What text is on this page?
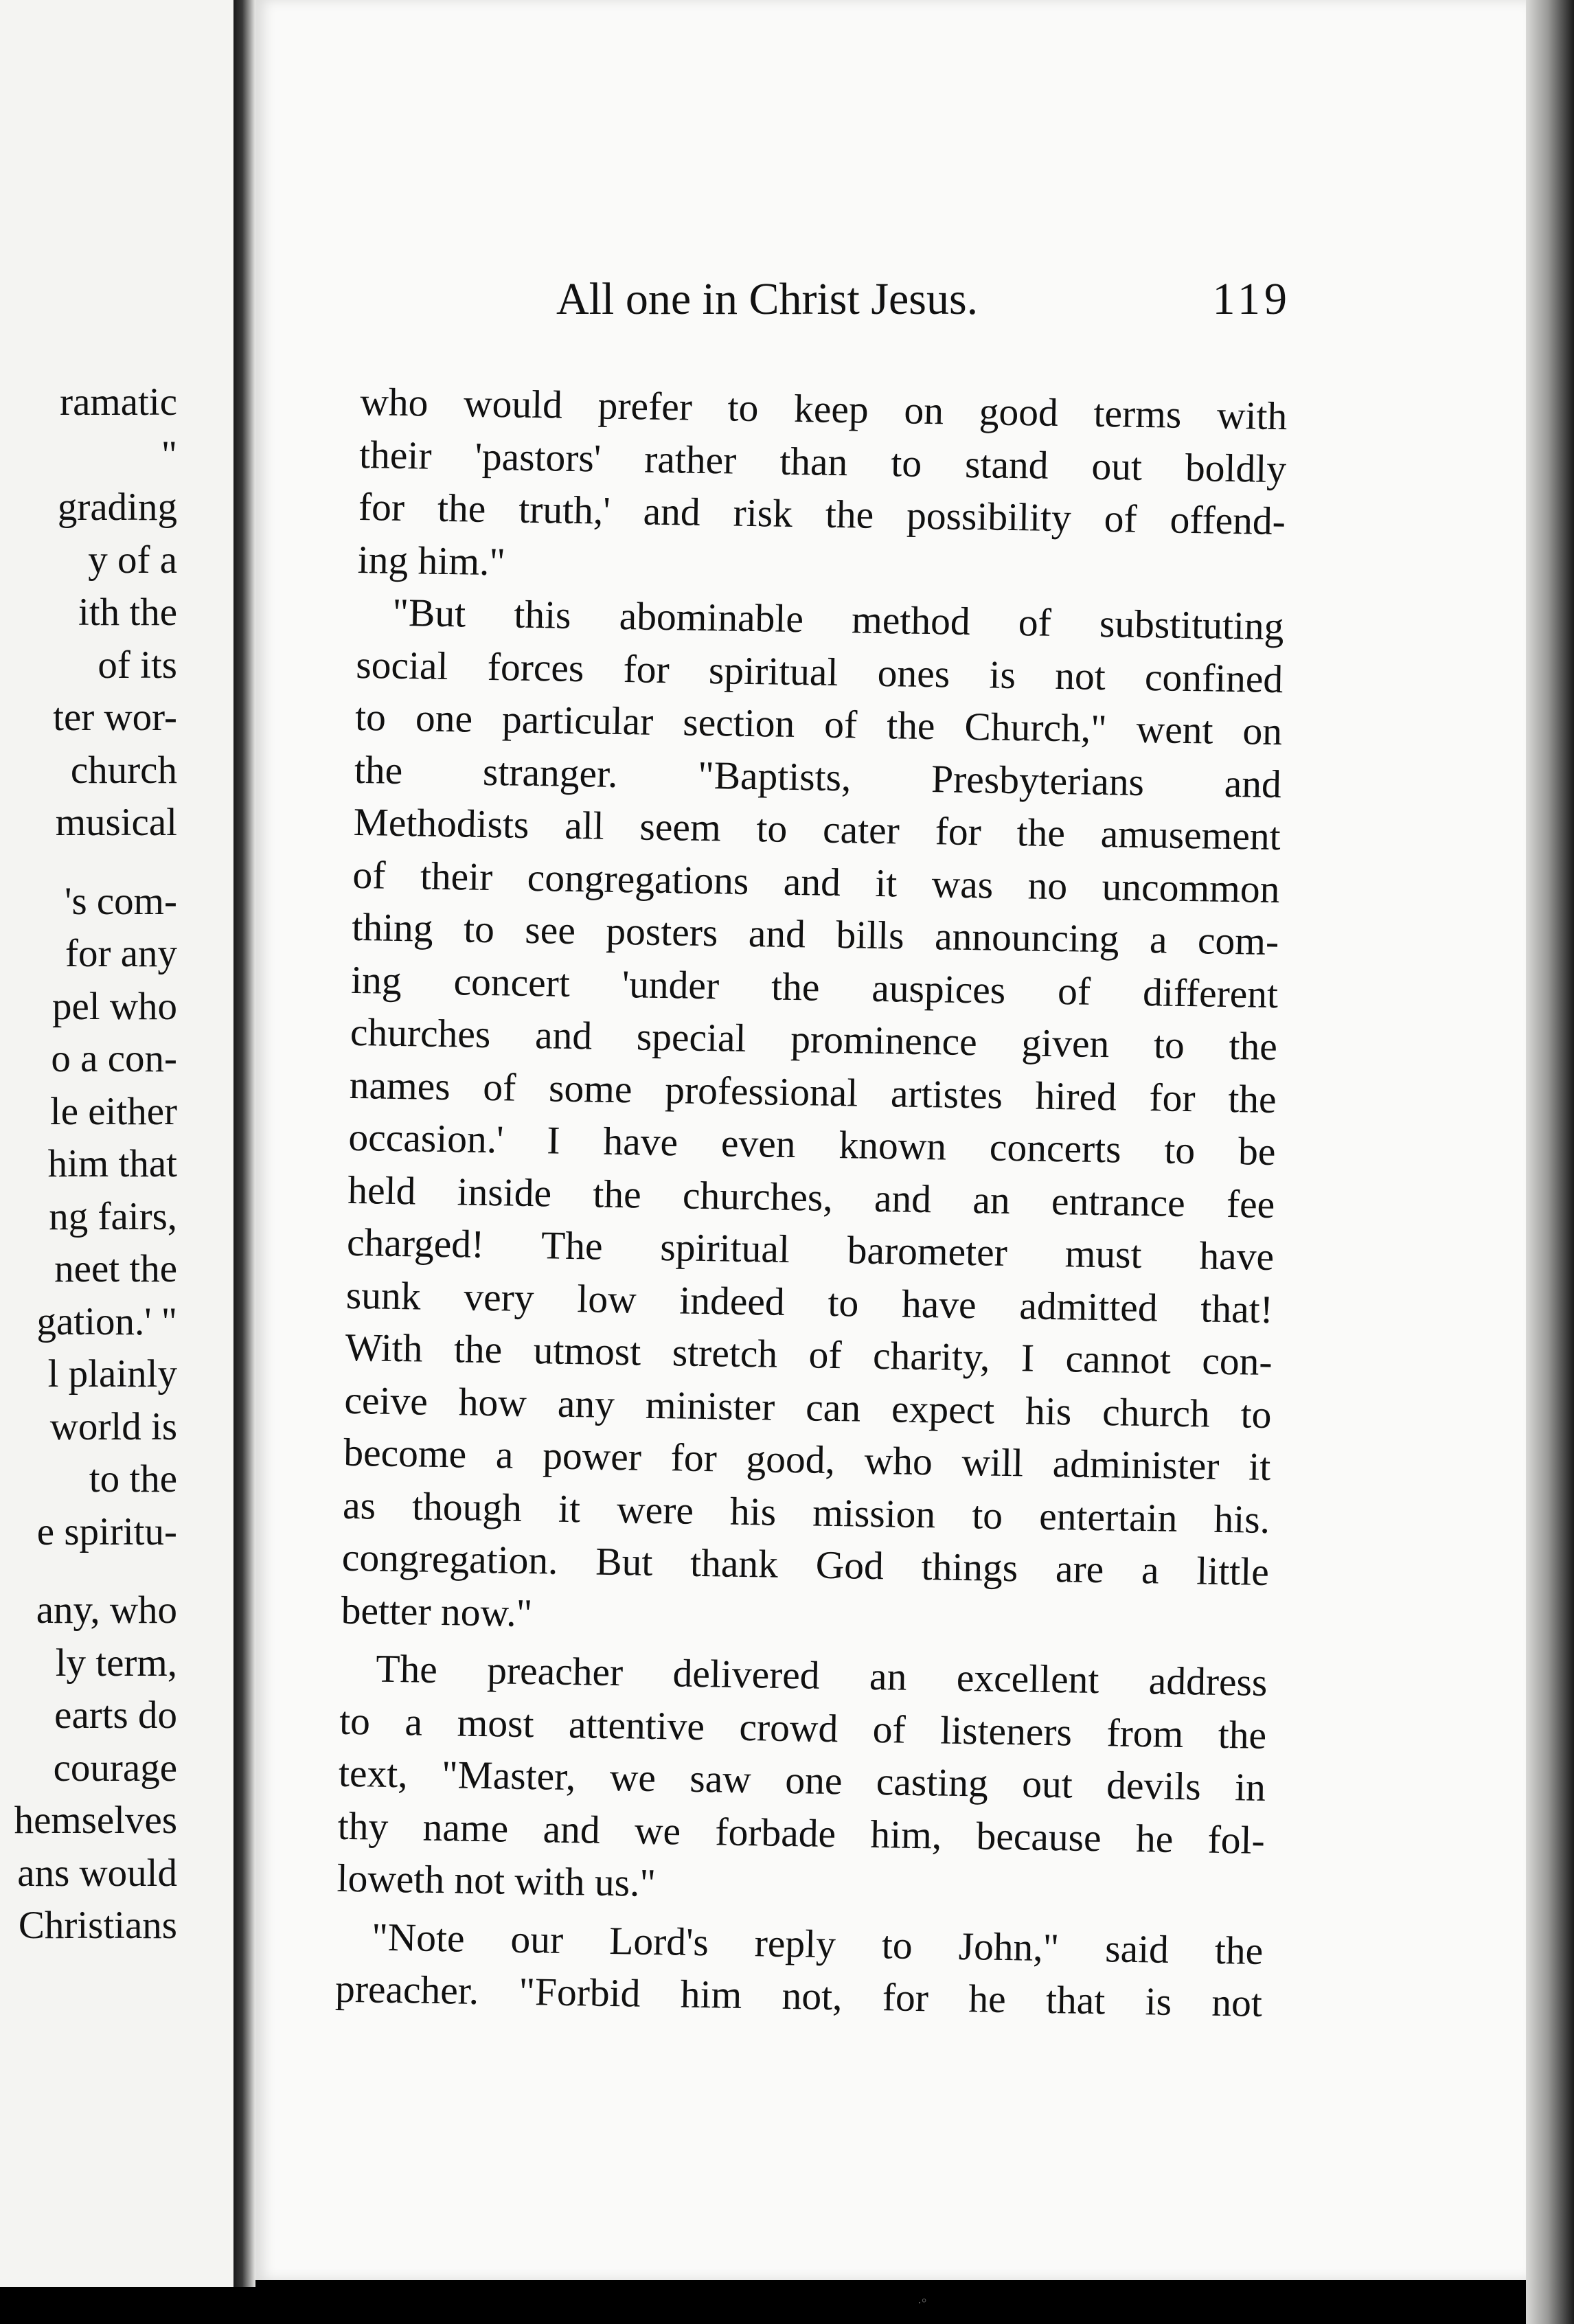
ramatic
"
grading
y of a
ith the
of its
ter wor-
church
musical
's com-
for any
pel who
o a con-
le either
him that
ng fairs,
neet the
gation.' "
l plainly
world is
to the
e spiritu-
any, who
ly term,
earts do
courage
hemselves
ans would
Christians
All one in Christ Jesus.	119
who would prefer to keep on good terms with
their 'pastors' rather than to stand out boldly
for the truth,' and risk the possibility of offend-
ing him."
"But this abominable method of substituting
social forces for spiritual ones is not confined
to one particular section of the Church," went on
the stranger. "Baptists, Presbyterians and
Methodists all seem to cater for the amusement
of their congregations and it was no uncommon
thing to see posters and bills announcing a com-
ing concert 'under the auspices of different
churches and special prominence given to the
names of some professional artistes hired for the
occasion.' I have even known concerts to be
held inside the churches, and an entrance fee
charged! The spiritual barometer must have
sunk very low indeed to have admitted that!
With the utmost stretch of charity, I cannot con-
ceive how any minister can expect his church to
become a power for good, who will administer it
as though it were his mission to entertain his.
congregation. But thank God things are a little
better now."
The preacher delivered an excellent address
to a most attentive crowd of listeners from the
text, "Master, we saw one casting out devils in
thy name and we forbade him, because he fol-
loweth not with us."
"Note our Lord's reply to John," said the
preacher. "Forbid him not, for he that is not
·°
